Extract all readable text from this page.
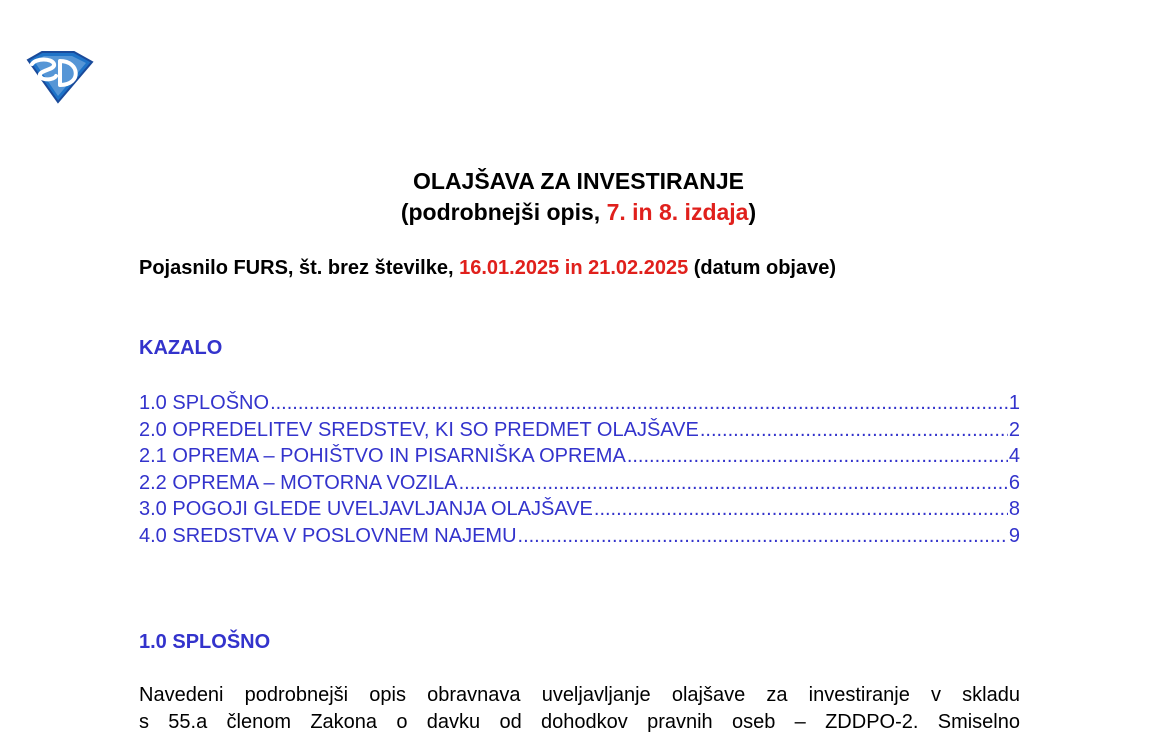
OLAJŠAVA ZA INVESTIRANJE
(podrobnejši opis, 7. in 8. izdaja)
Pojasnilo FURS, št. brez številke, 16.01.2025 in 21.02.2025 (datum objave)
KAZALO
1.0 SPLOŠNO .....	1
2.0 OPREDELITEV SREDSTEV, KI SO PREDMET OLAJŠAVE .....	2
2.1 OPREMA – POHIŠTVO IN PISARNIŠKA OPREMA .....	4
2.2 OPREMA – MOTORNA VOZILA .....	6
3.0 POGOJI GLEDE UVELJAVLJANJA OLAJŠAVE .....	8
4.0 SREDSTVA V POSLOVNEM NAJEMU .....	9
1.0 SPLOŠNO
Navedeni podrobnejši opis obravnava uveljavljanje olajšave za investiranje v skladu
s 55.a členom Zakona o davku od dohodkov pravnih oseb – ZDDPO-2. Smiselno
